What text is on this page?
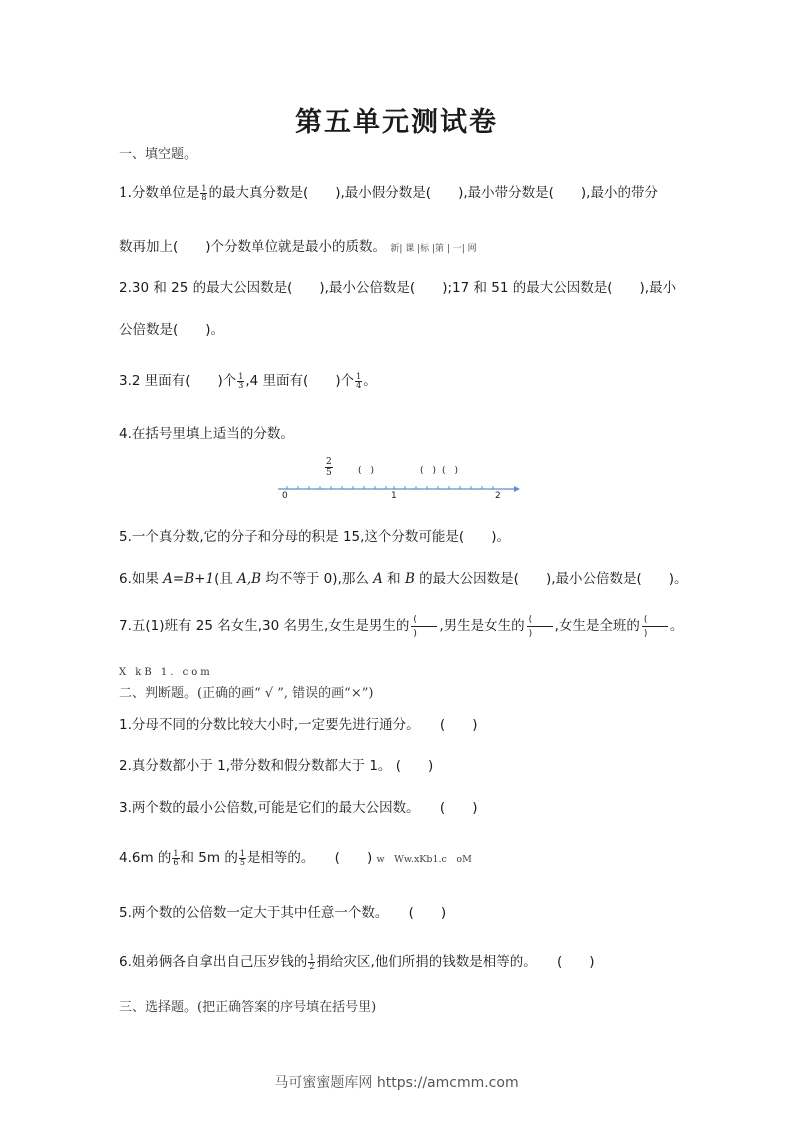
第五单元测试卷
一、填空题。
1.分数单位是 $\frac{1}{8}$ 的最大真分数是(　　),最小假分数是(　　),最小带分数是(　　),最小的带分
数再加上(　　)个分数单位就是最小的质数。 新| 课 |标 |第 | 一| 网
2.30 和 25 的最大公因数是(　　),最小公倍数是(　　);17 和 51 的最大公因数是(　　),最小
公倍数是(　　)。
3.2 里面有(　　)个 $\frac{1}{3} ,4$ 里面有(　　)个 $\frac{1}{4}$ 。
4.在括号里填上适当的分数。
0	1	2
$\frac{2}{5}$	(　)	(　) (　)
5.一个真分数,它的分子和分母的积是 15,这个分数可能是(　　)。
6.如果 A=B+1(且 A,B 均不等于 0),那么 A 和 B 的最大公因数是(　　),最小公倍数是(　　)。
7.五(1)班有 25 名女生,30 名男生,女生是男生的 (
) ,男生是女生的 (
) ,女生是全班的 (
) 。
X kB 1. com
二、判断题。(正确的画“ √ ”, 错误的画“×”)
1.分母不同的分数比较大小时,一定要先进行通分。　　(　　)
2.真分数都小于 1,带分数和假分数都大于 1。 (　　)
3.两个数的最小公倍数,可能是它们的最大公因数。　　(　　)
4.6m 的 $\frac{1}{6}$ 和 5m 的 $\frac{1}{5}$ 是相等的。　　(　　) w　Ww.xKb1.c　oM
5.两个数的公倍数一定大于其中任意一个数。　　(　　)
6.姐弟俩各自拿出自己压岁钱的 $\frac{1}{2}$ 捐给灾区,他们所捐的钱数是相等的。　　(　　)
三、选择题。(把正确答案的序号填在括号里)
马可蜜蜜题库网 https://amcmm.com
